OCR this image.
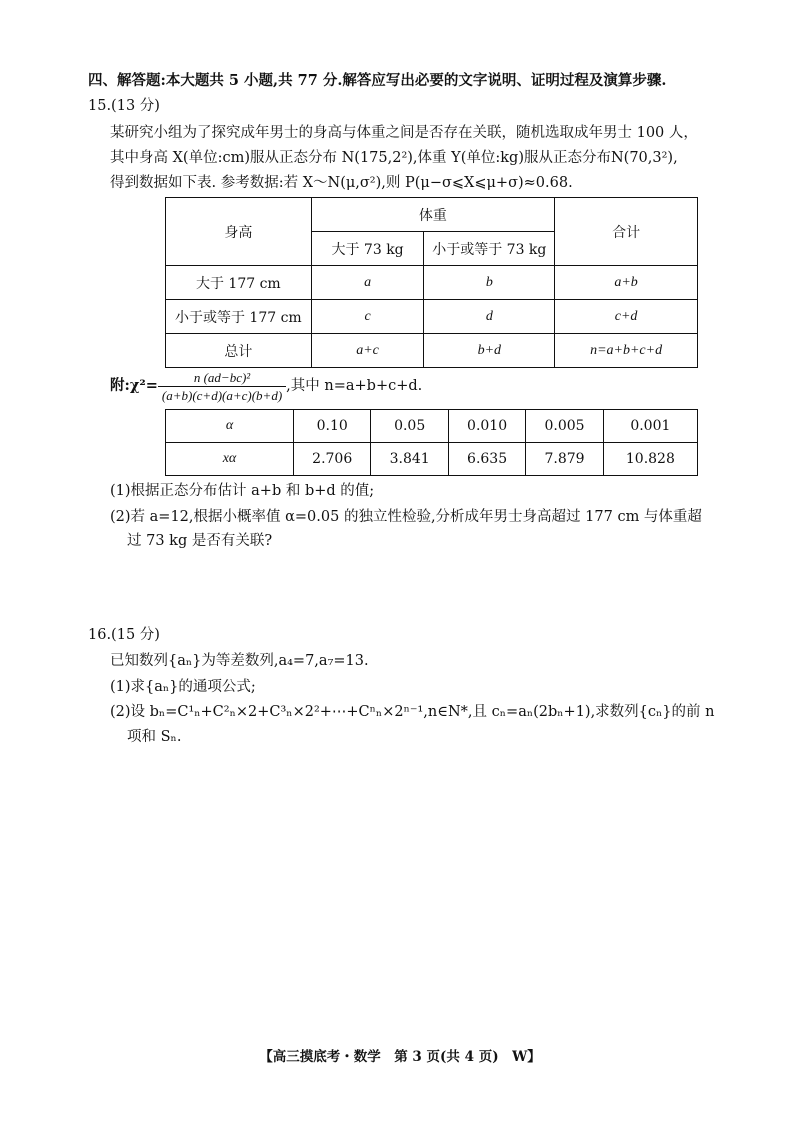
四、解答题:本大题共 5 小题,共 77 分.解答应写出必要的文字说明、证明过程及演算步骤.
15.(13 分)
某研究小组为了探究成年男士的身高与体重之间是否存在关联，随机选取成年男士 100 人，
其中身高 X(单位:cm)服从正态分布 N(175,2²),体重 Y(单位:kg)服从正态分布N(70,3²),
得到数据如下表. 参考数据:若 X～N(μ,σ²),则 P(μ−σ⩽X⩽μ+σ)≈0.68.
身高	体重		合计
	大于 73 kg	小于或等于 73 kg	
大于 177 cm	a	b	a+b
小于或等于 177 cm	c	d	c+d
总计	a+c	b+d	n=a+b+c+d
附:χ²= $\frac{\text{n (ad−bc)²}}{(a+b)(c+d)(a+c)(b+d)}$ ,其中 n=a+b+c+d.
α	0.10	0.05	0.010	0.005	0.001
xα	2.706	3.841	6.635	7.879	10.828
(1)根据正态分布估计 a+b 和 b+d 的值;
(2)若 a=12,根据小概率值 α=0.05 的独立性检验,分析成年男士身高超过 177 cm 与体重超
过 73 kg 是否有关联?
16.(15 分)
已知数列{aₙ}为等差数列,a₄=7,a₇=13.
(1)求{aₙ}的通项公式;
(2)设 bₙ=C¹ₙ+C²ₙ×2+C³ₙ×2²+⋯+Cⁿₙ×2ⁿ⁻¹,n∈N*,且 cₙ=aₙ(2bₙ+1),求数列{cₙ}的前 n
项和 Sₙ.
【高三摸底考・数学　第 3 页(共 4 页)　W】
